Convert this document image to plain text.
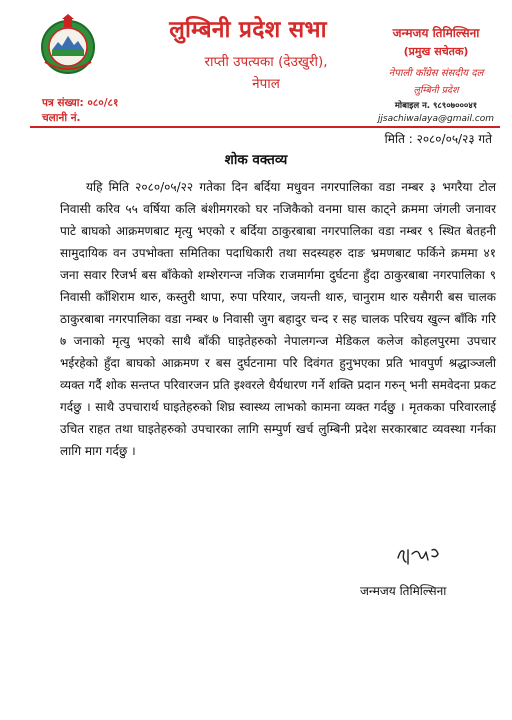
लुम्बिनी प्रदेश सभा
राप्ती उपत्यका (देउखुरी),
नेपाल
जन्मजय तिमिल्सिना
(प्रमुख सचेतक)
नेपाली काँग्रेस संसदीय दल
लुम्बिनी प्रदेश
मोबाइल न. ९८९०७०००४१
jjsachiwalaya@gmail.com
पत्र संख्या: ०८०/८१
चलानी नं.
मिति : २०८०/०५/२३ गते
शोक वक्तव्य

यहि मिति २०८०/०५/२२ गतेका दिन बर्दिया मधुवन नगरपालिका वडा नम्बर ३ भगरैया टोल निवासी करिव ५५ वर्षिया कलि बंशीमगरको घर नजिकैको वनमा घास काट्ने क्रममा जंगली जनावर पाटे बाघको आक्रमणबाट मृत्यु भएको र बर्दिया ठाकुरबाबा नगरपालिका वडा नम्बर ९ स्थित बेतहनी सामुदायिक वन उपभोक्ता समितिका पदाधिकारी तथा सदस्यहरु दाङ भ्रमणबाट फर्किने क्रममा ४१ जना सवार रिजर्भ बस बाँकेको शम्शेरगन्ज नजिक राजमार्गमा दुर्घटना हुँदा ठाकुरबाबा नगरपालिका ९ निवासी काँशिराम थारु, कस्तुरी थापा, रुपा परियार, जयन्ती थारु, चानुराम थारु यसैगरी बस चालक ठाकुरबाबा नगरपालिका वडा नम्बर ७ निवासी जुग बहादुर चन्द र सह चालक परिचय खुल्न बाँकि गरि ७ जनाको मृत्यु भएको साथै बाँकी घाइतेहरुको नेपालगन्ज मेडिकल कलेज कोहलपुरमा उपचार भईरहेको हुँदा बाघको आक्रमण र बस दुर्घटनामा परि दिवंगत हुनुभएका प्रति भावपुर्ण श्रद्धाञ्जली व्यक्त गर्दै शोक सन्तप्त परिवारजन प्रति इश्वरले धैर्यधारण गर्ने शक्ति प्रदान गरुन् भनी समवेदना प्रकट गर्दछु । साथै उपचारार्थ घाइतेहरुको शिघ्र स्वास्थ्य लाभको कामना व्यक्त गर्दछु । मृतकका परिवारलाई उचित राहत तथा घाइतेहरुको उपचारका लागि सम्पुर्ण खर्च लुम्बिनी प्रदेश सरकारबाट व्यवस्था गर्नका लागि माग गर्दछु ।

जन्मजय तिमिल्सिना
